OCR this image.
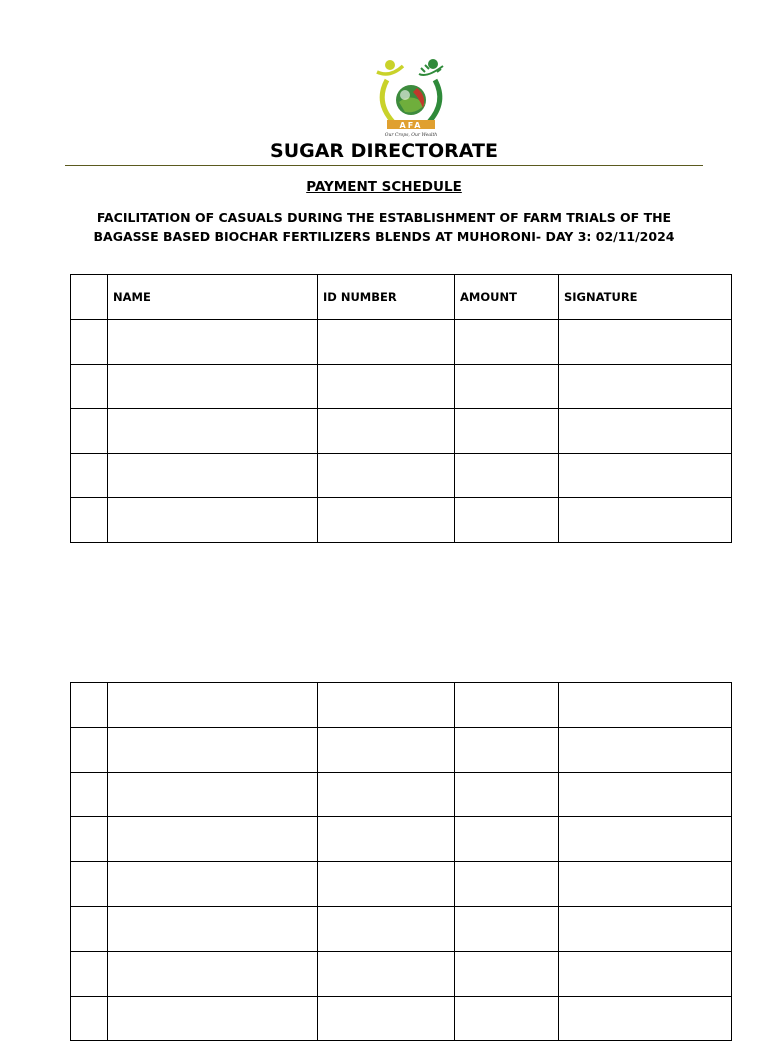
AFA
Our Crops, Our Wealth
SUGAR DIRECTORATE
PAYMENT SCHEDULE
FACILITATION OF CASUALS DURING THE ESTABLISHMENT OF FARM TRIALS OF THE BAGASSE BASED BIOCHAR FERTILIZERS BLENDS AT MUHORONI- DAY 3: 02/11/2024
	NAME	ID NUMBER	AMOUNT	SIGNATURE
